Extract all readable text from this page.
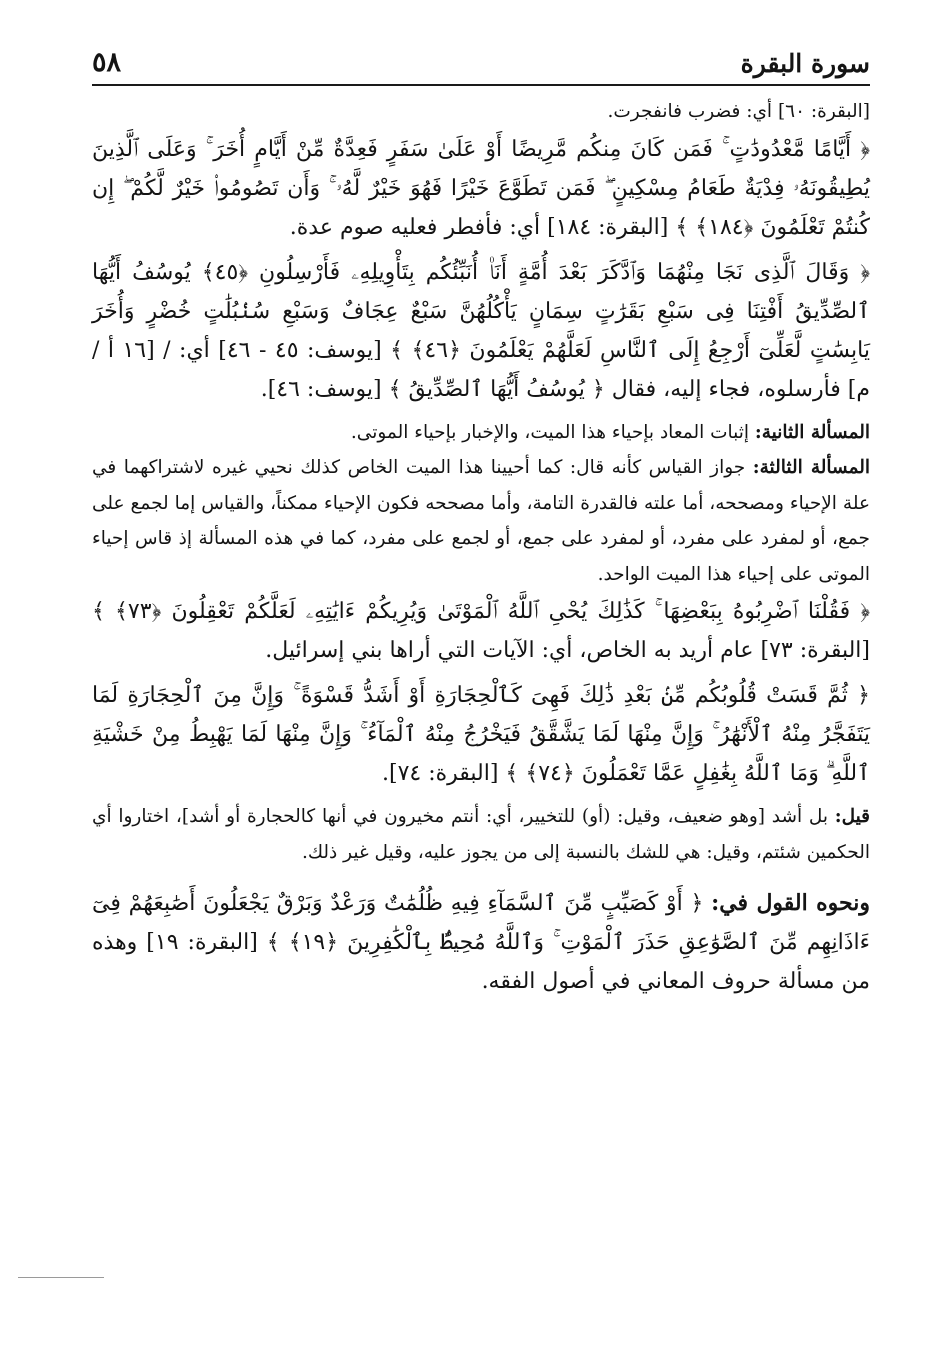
سورة البقرة
٥٨

[البقرة: ٦٠] أي: فضرب فانفجرت.

﴿ أَيَّامًا مَّعْدُودَٰتٍ ۚ فَمَن كَانَ مِنكُم مَّرِيضًا أَوْ عَلَىٰ سَفَرٍ فَعِدَّةٌ مِّنْ أَيَّامٍ أُخَرَ ۚ وَعَلَى ٱلَّذِينَ يُطِيقُونَهُۥ فِدْيَةٌ طَعَامُ مِسْكِينٍ ۖ فَمَن تَطَوَّعَ خَيْرًا فَهُوَ خَيْرٌ لَّهُۥ ۚ وَأَن تَصُومُوا۟ خَيْرٌ لَّكُمْ ۖ إِن كُنتُمْ تَعْلَمُونَ ﴿١٨٤﴾ ﴾ [البقرة: ١٨٤] أي: فأفطر فعليه صوم عدة.

﴿ وَقَالَ ٱلَّذِى نَجَا مِنْهُمَا وَٱدَّكَرَ بَعْدَ أُمَّةٍ أَنَا۠ أُنَبِّئُكُم بِتَأْوِيلِهِۦ فَأَرْسِلُونِ ﴿٤٥﴾ يُوسُفُ أَيُّهَا ٱلصِّدِّيقُ أَفْتِنَا فِى سَبْعِ بَقَرَٰتٍ سِمَانٍ يَأْكُلُهُنَّ سَبْعٌ عِجَافٌ وَسَبْعِ سُنۢبُلَٰتٍ خُضْرٍ وَأُخَرَ يَابِسَٰتٍ لَّعَلِّىٓ أَرْجِعُ إِلَى ٱلنَّاسِ لَعَلَّهُمْ يَعْلَمُونَ ﴿٤٦﴾ ﴾ [يوسف: ٤٥ - ٤٦] أي: / [١٦ أ / م] فأرسلوه، فجاء إليه، فقال ﴿ يُوسُفُ أَيُّهَا ٱلصِّدِّيقُ ﴾ [يوسف: ٤٦].

المسألة الثانية: إثبات المعاد بإحياء هذا الميت، والإخبار بإحياء الموتى.

المسألة الثالثة: جواز القياس كأنه قال: كما أحيينا هذا الميت الخاص كذلك نحيي غيره لاشتراكهما في علة الإحياء ومصححه، أما علته فالقدرة التامة، وأما مصححه فكون الإحياء ممكناً، والقياس إما لجمع على جمع، أو لمفرد على مفرد، أو لمفرد على جمع، أو لجمع على مفرد، كما في هذه المسألة إذ قاس إحياء الموتى على إحياء هذا الميت الواحد.

﴿ فَقُلْنَا ٱضْرِبُوهُ بِبَعْضِهَا ۚ كَذَٰلِكَ يُحْىِ ٱللَّهُ ٱلْمَوْتَىٰ وَيُرِيكُمْ ءَايَٰتِهِۦ لَعَلَّكُمْ تَعْقِلُونَ ﴿٧٣﴾ ﴾ [البقرة: ٧٣] عام أريد به الخاص، أي: الآيات التي أراها بني إسرائيل.

﴿ ثُمَّ قَسَتْ قُلُوبُكُم مِّنۢ بَعْدِ ذَٰلِكَ فَهِىَ كَٱلْحِجَارَةِ أَوْ أَشَدُّ قَسْوَةً ۚ وَإِنَّ مِنَ ٱلْحِجَارَةِ لَمَا يَتَفَجَّرُ مِنْهُ ٱلْأَنْهَٰرُ ۚ وَإِنَّ مِنْهَا لَمَا يَشَّقَّقُ فَيَخْرُجُ مِنْهُ ٱلْمَآءُ ۚ وَإِنَّ مِنْهَا لَمَا يَهْبِطُ مِنْ خَشْيَةِ ٱللَّهِ ۗ وَمَا ٱللَّهُ بِغَٰفِلٍ عَمَّا تَعْمَلُونَ ﴿٧٤﴾ ﴾ [البقرة: ٧٤].

قيل: بل أشد [وهو ضعيف، وقيل: (أو) للتخيير، أي: أنتم مخيرون في أنها كالحجارة أو أشد]، اختاروا أي الحكمين شئتم، وقيل: هي للشك بالنسبة إلى من يجوز عليه، وقيل غير ذلك.

ونحوه القول في: ﴿ أَوْ كَصَيِّبٍ مِّنَ ٱلسَّمَآءِ فِيهِ ظُلُمَٰتٌ وَرَعْدٌ وَبَرْقٌ يَجْعَلُونَ أَصَٰبِعَهُمْ فِىٓ ءَاذَانِهِم مِّنَ ٱلصَّوَٰعِقِ حَذَرَ ٱلْمَوْتِ ۚ وَٱللَّهُ مُحِيطٌۢ بِٱلْكَٰفِرِينَ ﴿١٩﴾ ﴾ [البقرة: ١٩] وهذه من مسألة حروف المعاني في أصول الفقه.
